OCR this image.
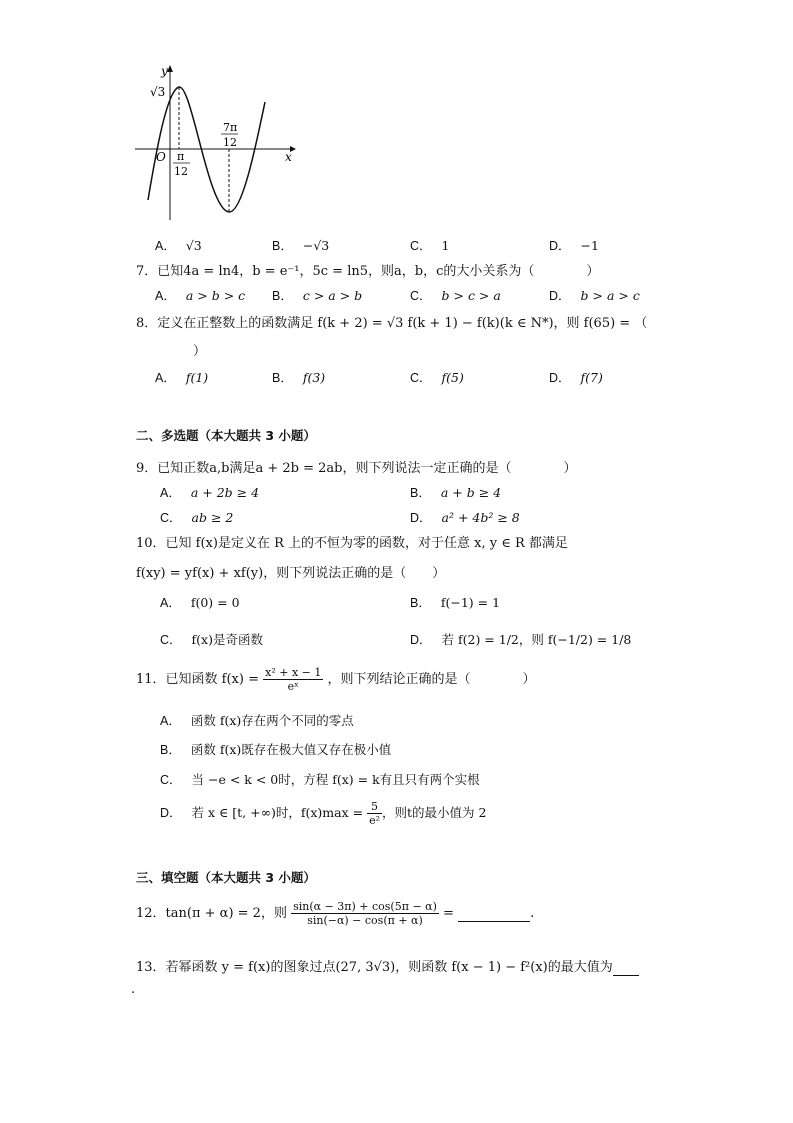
y
x
O
√3
π
12
7π
12
A． √3	B． −√3	C． 1	D． −1
7．已知4a = ln4，b = e⁻¹，5c = ln5，则a，b，c的大小关系为（　　　　）
A． a > b > c B． c > a > b	C． b > c > a	D． b > a > c
8．定义在正整数上的函数满足 f(k + 2) = √3 f(k + 1) − f(k)(k ∈ N*)，则 f(65) = （
）
A． f(1)	B． f(3)	C． f(5)	D． f(7)
二、多选题（本大题共 3 小题）
9．已知正数a,b满足a + 2b = 2ab，则下列说法一定正确的是（　　　　）
A． a + 2b ≥ 4	B． a + b ≥ 4
C． ab ≥ 2	D． a² + 4b² ≥ 8
10．已知 f(x)是定义在 R 上的不恒为零的函数，对于任意 x, y ∈ R 都满足
f(xy) = yf(x) + xf(y)，则下列说法正确的是（　　）
A． f(0) = 0	B． f(−1) = 1
C． f(x)是奇函数	D． 若 f(2) = 1/2，则 f(−1/2) = 1/8
11．已知函数 $f(x) = \frac{\text{x² + x − 1}}{\text{eˣ}}$ ，则下列结论正确的是（　　　　）
A． 函数 f(x)存在两个不同的零点
B． 函数 f(x)既存在极大值又存在极小值
C． 当 −e < k < 0时，方程 f(x) = k有且只有两个实根
D． 若 x ∈ [t, +∞)时，$f(x)\max = \frac{5}{\text{e²}}$ ，则t的最小值为 2
三、填空题（本大题共 3 小题）
12．tan(π + α) = 2，则 $\frac{\sin(\alpha - 3\pi) + \cos(5\pi - \alpha)}{\sin(-\alpha) - \cos(\pi + \alpha)}$ =	.
13．若幂函数 y = f(x)的图象过点(27, 3√3)，则函数 f(x − 1) − f²(x)的最大值为
.
